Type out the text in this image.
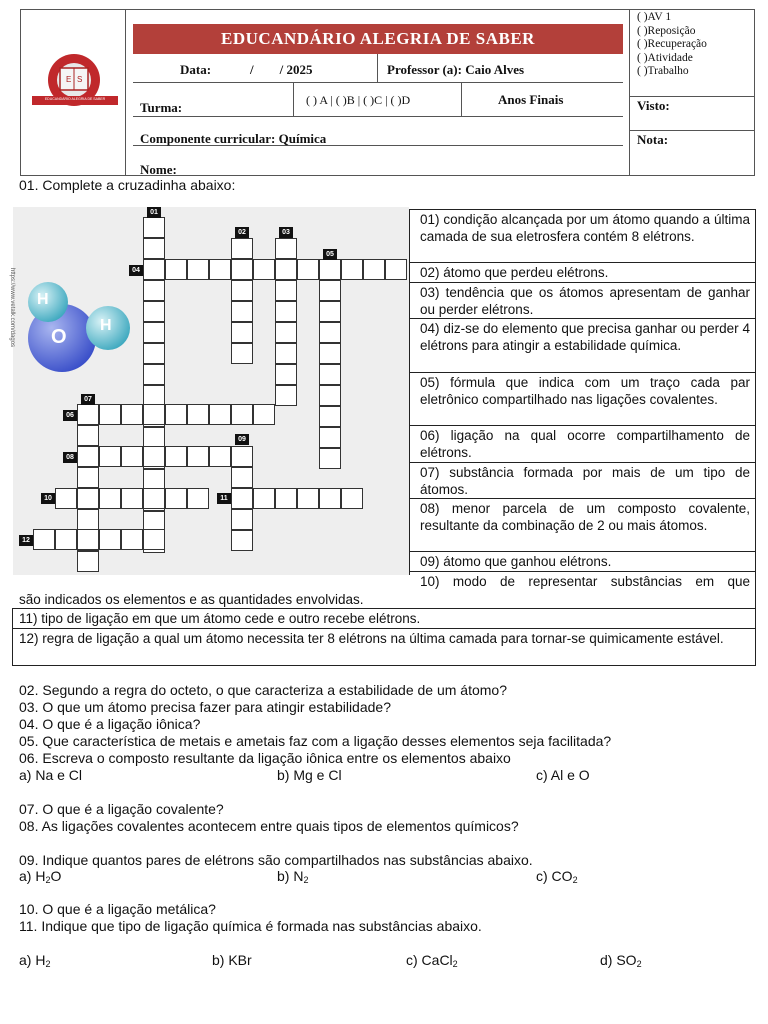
E S
EDUCANDÁRIO ALEGRIA DE SABER
EDUCANDÁRIO ALEGRIA DE SABER
Data:	/        / 2025	Professor (a): Caio Alves
Turma:	( ) A | ( )B | ( )C | ( )D	Anos Finais
Componente curricular: Química
Nome:
( )AV 1
( )Reposição
( )Recuperação
( )Atividade
( )Trabalho
Visto:
Nota:
01. Complete a cruzadinha abaixo:
https://www.vetalk.com/dagos H
O
H
01
02	03
04
05
06
07
08
09
10	11
12
01) condição alcançada por um átomo quando a última camada de sua eletrosfera contém 8 elétrons.
02) átomo que perdeu elétrons.
03) tendência que os átomos apresentam de ganhar ou perder elétrons.
04) diz-se do elemento que precisa ganhar ou perder 4 elétrons para atingir a estabilidade química.
05) fórmula que indica com um traço cada par eletrônico compartilhado nas ligações covalentes.
06) ligação na qual ocorre compartilhamento de elétrons.
07) substância formada por mais de um tipo de átomos.
08) menor parcela de um composto covalente, resultante da combinação de 2 ou mais átomos.
09) átomo que ganhou elétrons.
10) modo de representar substâncias em que
são indicados os elementos e as quantidades envolvidas.
11) tipo de ligação em que um átomo cede e outro recebe elétrons.
12) regra de ligação a qual um átomo necessita ter 8 elétrons na última camada para tornar-se quimicamente estável.
02. Segundo a regra do octeto, o que caracteriza a estabilidade de um átomo?
03. O que um átomo precisa fazer para atingir estabilidade?
04. O que é a ligação iônica?
05. Que característica de metais e ametais faz com a ligação desses elementos seja facilitada?
06. Escreva o composto resultante da ligação iônica entre os elementos abaixo
a) Na e Cl	b) Mg e Cl	c) Al e O
07. O que é a ligação covalente?
08. As ligações covalentes acontecem entre quais tipos de elementos químicos?
09. Indique quantos pares de elétrons são compartilhados nas substâncias abaixo.
a) $H_2O$	b) $N_2$	c) $CO_2$
10. O que é a ligação metálica?
11. Indique que tipo de ligação química é formada nas substâncias abaixo.
a) $H_2$	b) KBr	c) CaCl$_2$	d) $SO_2$
